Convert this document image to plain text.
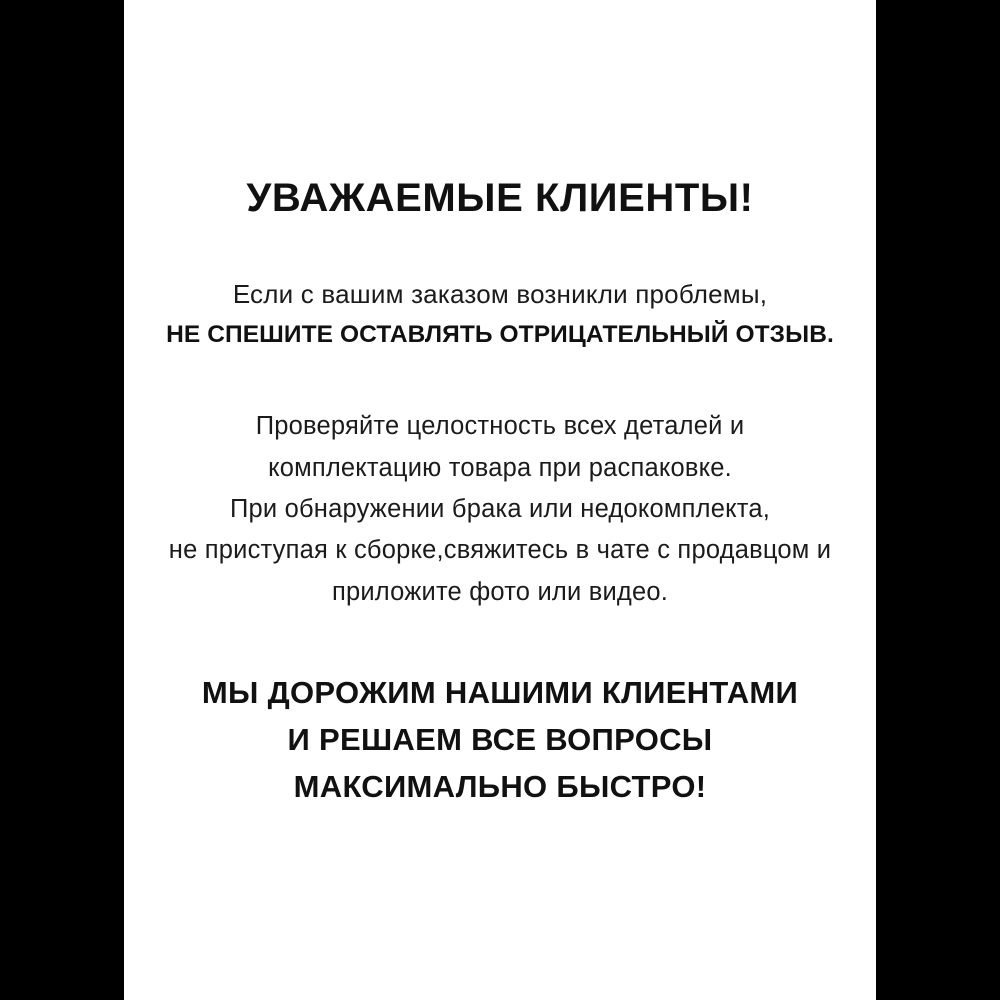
УВАЖАЕМЫЕ КЛИЕНТЫ!
Если с вашим заказом возникли проблемы,
НЕ СПЕШИТЕ ОСТАВЛЯТЬ ОТРИЦАТЕЛЬНЫЙ ОТЗЫВ.
Проверяйте целостность всех деталей и
комплектацию товара при распаковке.
При обнаружении брака или недокомплекта,
не приступая к сборке,свяжитесь в чате с продавцом и
приложите фото или видео.
МЫ ДОРОЖИМ НАШИМИ КЛИЕНТАМИ
И РЕШАЕМ ВСЕ ВОПРОСЫ
МАКСИМАЛЬНО БЫСТРО!
